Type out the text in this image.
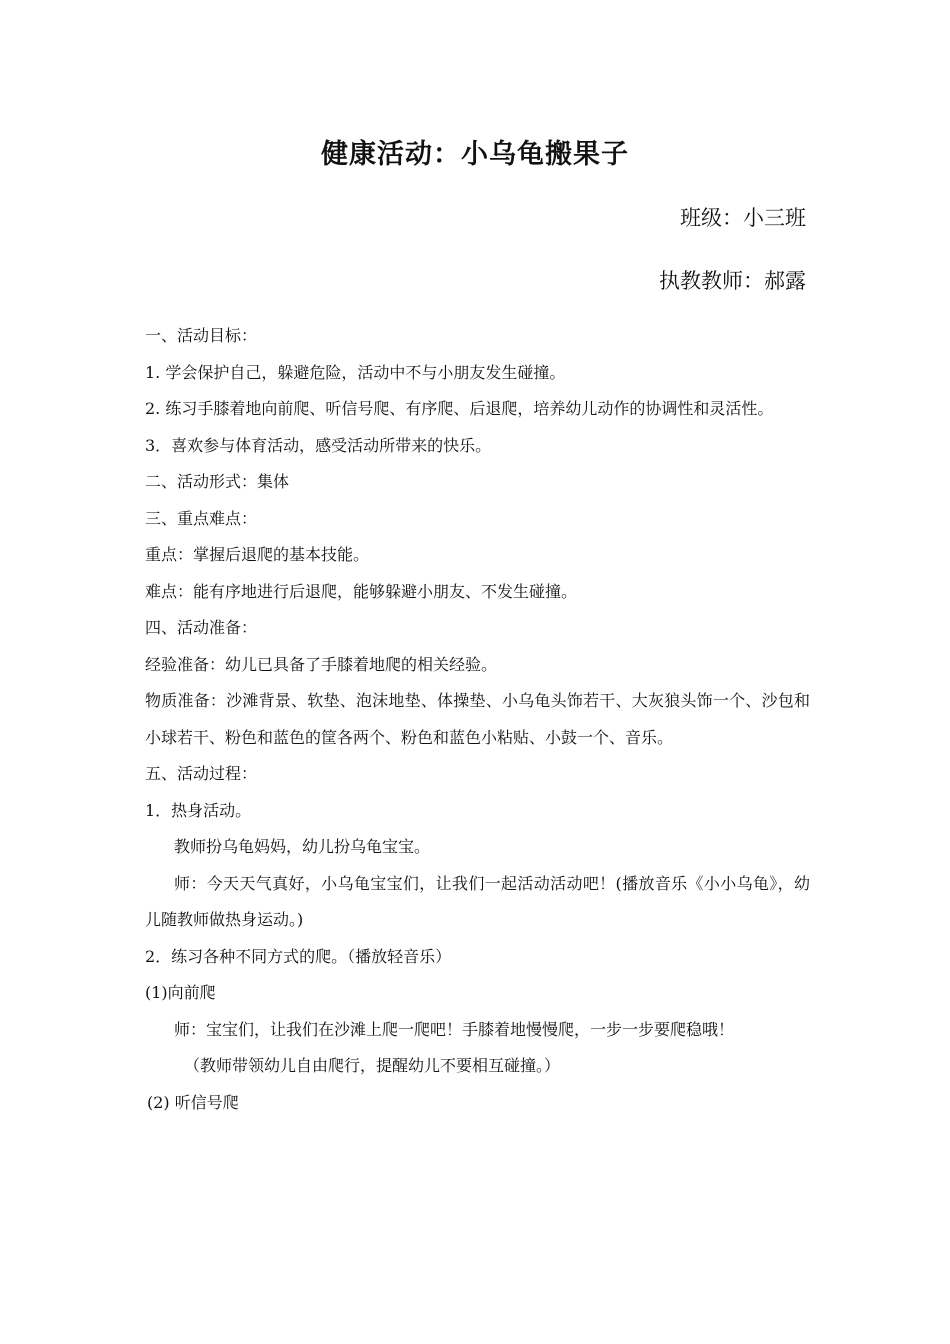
健康活动：小乌龟搬果子
班级：小三班
执教教师：郝露
一、活动目标：
1. 学会保护自己，躲避危险，活动中不与小朋友发生碰撞。
2. 练习手膝着地向前爬、听信号爬、有序爬、后退爬，培养幼儿动作的协调性和灵活性。
3．喜欢参与体育活动，感受活动所带来的快乐。
二、活动形式：集体
三、重点难点：
重点：掌握后退爬的基本技能。
难点：能有序地进行后退爬，能够躲避小朋友、不发生碰撞。
四、活动准备：
经验准备：幼儿已具备了手膝着地爬的相关经验。
物质准备：沙滩背景、软垫、泡沫地垫、体操垫、小乌龟头饰若干、大灰狼头饰一个、沙包和小球若干、粉色和蓝色的筐各两个、粉色和蓝色小粘贴、小鼓一个、音乐。
五、活动过程：
1．热身活动。
教师扮乌龟妈妈，幼儿扮乌龟宝宝。
师：今天天气真好，小乌龟宝宝们，让我们一起活动活动吧！(播放音乐《小小乌龟》，幼儿随教师做热身运动。)
2．练习各种不同方式的爬。（播放轻音乐）
(1)向前爬
师：宝宝们，让我们在沙滩上爬一爬吧！手膝着地慢慢爬，一步一步要爬稳哦！
（教师带领幼儿自由爬行，提醒幼儿不要相互碰撞。）
(2) 听信号爬
